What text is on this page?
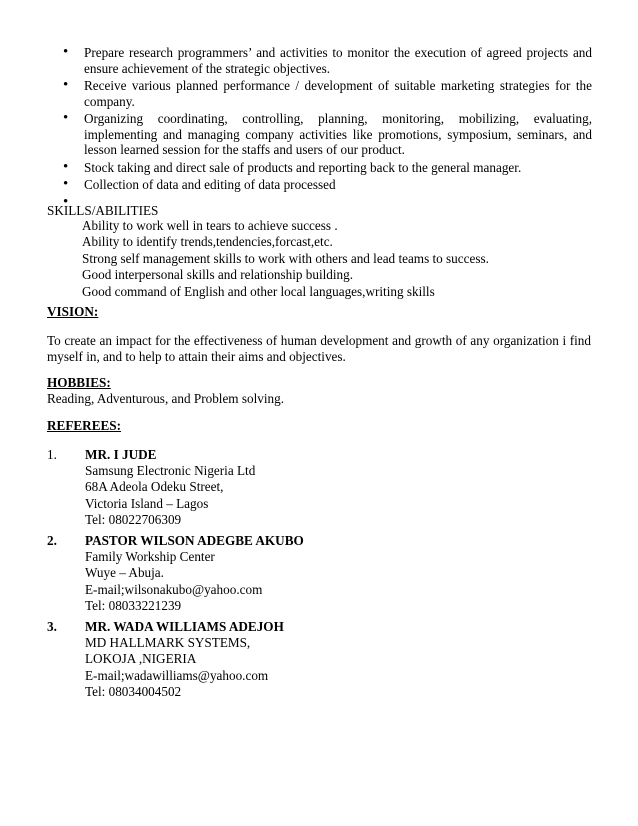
• Prepare research programmers’ and activities to monitor the execution of agreed projects and ensure achievement of the strategic objectives.
• Receive various planned performance / development of suitable marketing strategies for the company.
• Organizing coordinating, controlling, planning, monitoring, mobilizing, evaluating, implementing and managing company activities like promotions, symposium, seminars, and lesson learned session for the staffs and users of our product.
• Stock taking and direct sale of products and reporting back to the general manager.
• Collection of data and editing of data processed
•
SKILLS/ABILITIES
Ability to work well in tears to achieve success .
Ability to identify trends,tendencies,forcast,etc.
Strong self management skills to work with others and lead teams to success.
Good interpersonal skills and relationship building.
Good command of English and other local languages,writing skills
VISION:
To create an impact for the effectiveness of human development and growth of any organization i find myself in, and to help to attain their aims and objectives.
HOBBIES:
Reading, Adventurous, and Problem solving.
REFEREES:
1. MR. I JUDE
Samsung Electronic Nigeria Ltd
68A Adeola Odeku Street,
Victoria Island – Lagos
Tel: 08022706309
2. PASTOR WILSON ADEGBE AKUBO
Family Workship Center
Wuye – Abuja.
E-mail;wilsonakubo@yahoo.com
Tel: 08033221239
3. MR. WADA WILLIAMS ADEJOH
MD HALLMARK SYSTEMS,
LOKOJA ,NIGERIA
E-mail;wadawilliams@yahoo.com
Tel: 08034004502
